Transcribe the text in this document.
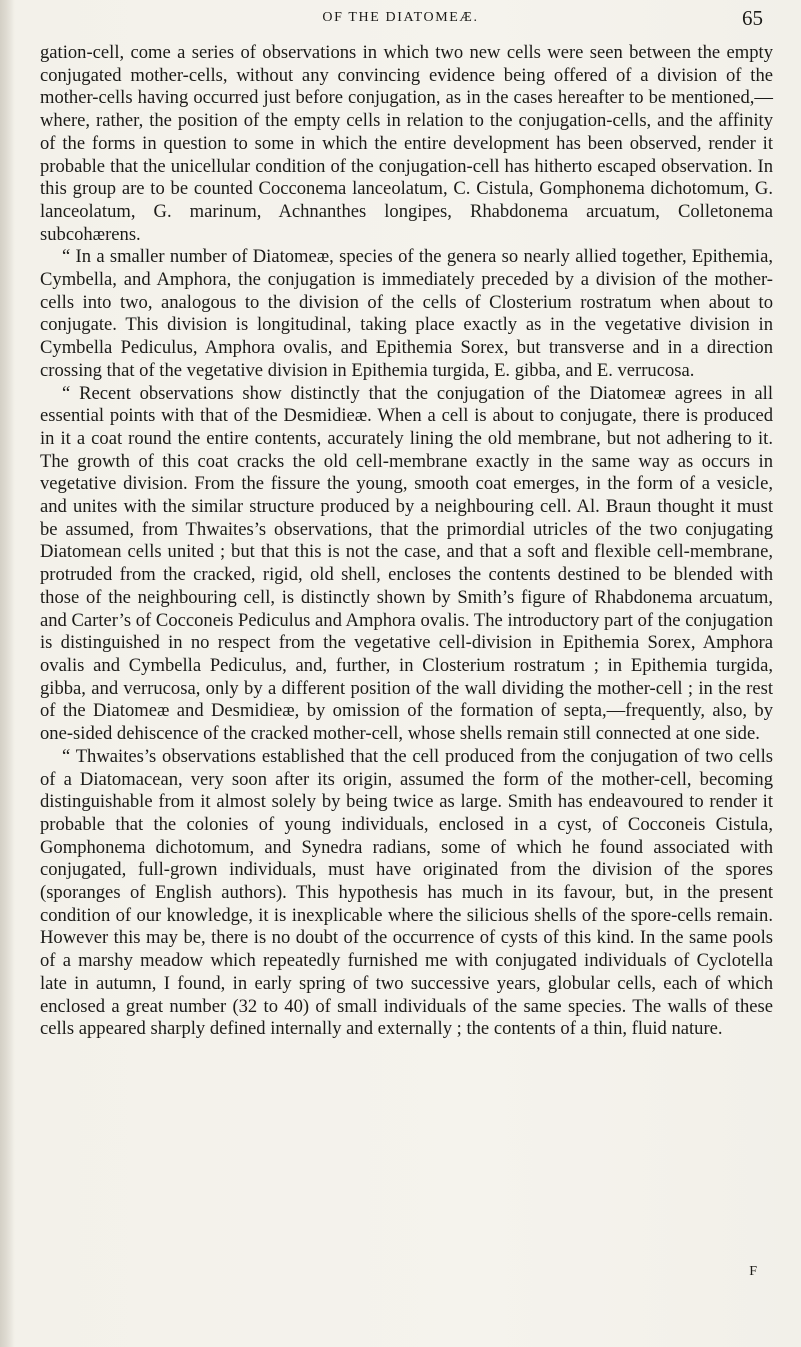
OF THE DIATOMEÆ.	65

gation-cell, come a series of observations in which two new cells were seen between the empty conjugated mother-cells, without any convincing evidence being offered of a division of the mother-cells having occurred just before conjugation, as in the cases hereafter to be mentioned,—where, rather, the position of the empty cells in relation to the conjugation-cells, and the affinity of the forms in question to some in which the entire development has been observed, render it probable that the unicellular condition of the conjugation-cell has hitherto escaped observation. In this group are to be counted Cocconema lanceolatum, C. Cistula, Gomphonema dichotomum, G. lanceolatum, G. marinum, Achnanthes longipes, Rhabdonema arcuatum, Colletonema subcohærens.

“ In a smaller number of Diatomeæ, species of the genera so nearly allied together, Epithemia, Cymbella, and Amphora, the conjugation is immediately preceded by a division of the mother-cells into two, analogous to the division of the cells of Closterium rostratum when about to conjugate. This division is longitudinal, taking place exactly as in the vegetative division in Cymbella Pediculus, Amphora ovalis, and Epithemia Sorex, but transverse and in a direction crossing that of the vegetative division in Epithemia turgida, E. gibba, and E. verrucosa.

“ Recent observations show distinctly that the conjugation of the Diatomeæ agrees in all essential points with that of the Desmidieæ. When a cell is about to conjugate, there is produced in it a coat round the entire contents, accurately lining the old membrane, but not adhering to it. The growth of this coat cracks the old cell-membrane exactly in the same way as occurs in vegetative division. From the fissure the young, smooth coat emerges, in the form of a vesicle, and unites with the similar structure produced by a neighbouring cell. Al. Braun thought it must be assumed, from Thwaites’s observations, that the primordial utricles of the two conjugating Diatomean cells united ; but that this is not the case, and that a soft and flexible cell-membrane, protruded from the cracked, rigid, old shell, encloses the contents destined to be blended with those of the neighbouring cell, is distinctly shown by Smith’s figure of Rhabdonema arcuatum, and Carter’s of Cocconeis Pediculus and Amphora ovalis. The introductory part of the conjugation is distinguished in no respect from the vegetative cell-division in Epithemia Sorex, Amphora ovalis and Cymbella Pediculus, and, further, in Closterium rostratum ; in Epithemia turgida, gibba, and verrucosa, only by a different position of the wall dividing the mother-cell ; in the rest of the Diatomeæ and Desmidieæ, by omission of the formation of septa,—frequently, also, by one-sided dehiscence of the cracked mother-cell, whose shells remain still connected at one side.

“ Thwaites’s observations established that the cell produced from the conjugation of two cells of a Diatomacean, very soon after its origin, assumed the form of the mother-cell, becoming distinguishable from it almost solely by being twice as large. Smith has endeavoured to render it probable that the colonies of young individuals, enclosed in a cyst, of Cocconeis Cistula, Gomphonema dichotomum, and Synedra radians, some of which he found associated with conjugated, full-grown individuals, must have originated from the division of the spores (sporanges of English authors). This hypothesis has much in its favour, but, in the present condition of our knowledge, it is inexplicable where the silicious shells of the spore-cells remain. However this may be, there is no doubt of the occurrence of cysts of this kind. In the same pools of a marshy meadow which repeatedly furnished me with conjugated individuals of Cyclotella late in autumn, I found, in early spring of two successive years, globular cells, each of which enclosed a great number (32 to 40) of small individuals of the same species. The walls of these cells appeared sharply defined internally and externally ; the contents of a thin, fluid nature.

F
